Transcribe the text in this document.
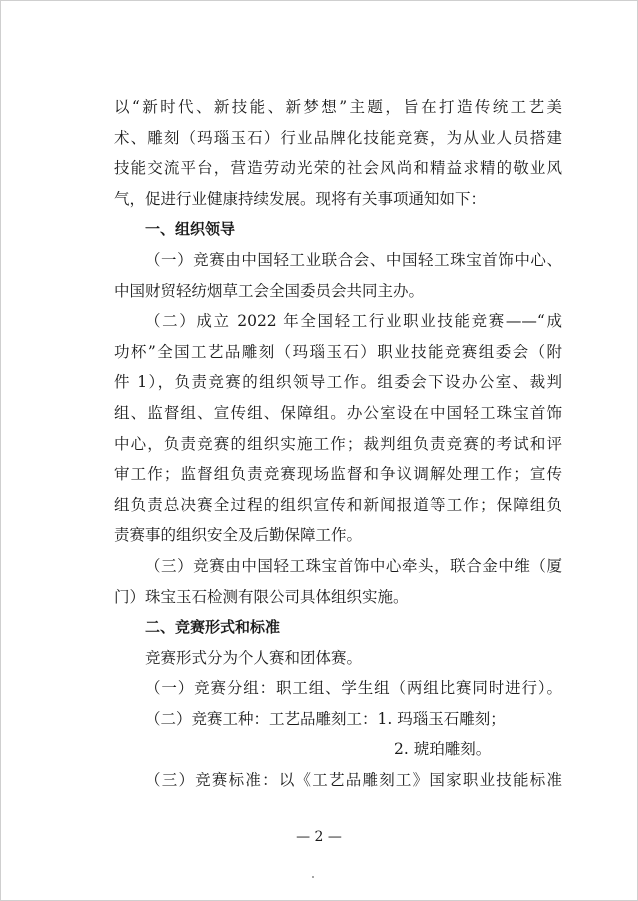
以“新时代、新技能、新梦想”主题，旨在打造传统工艺美
术、雕刻（玛瑙玉石）行业品牌化技能竞赛，为从业人员搭建
技能交流平台，营造劳动光荣的社会风尚和精益求精的敬业风
气，促进行业健康持续发展。现将有关事项通知如下：
一、组织领导
（一）竞赛由中国轻工业联合会、中国轻工珠宝首饰中心、
中国财贸轻纺烟草工会全国委员会共同主办。
（二）成立 2022 年全国轻工行业职业技能竞赛——“成
功杯”全国工艺品雕刻（玛瑙玉石）职业技能竞赛组委会（附
件 1），负责竞赛的组织领导工作。组委会下设办公室、裁判
组、监督组、宣传组、保障组。办公室设在中国轻工珠宝首饰
中心，负责竞赛的组织实施工作；裁判组负责竞赛的考试和评
审工作；监督组负责竞赛现场监督和争议调解处理工作；宣传
组负责总决赛全过程的组织宣传和新闻报道等工作；保障组负
责赛事的组织安全及后勤保障工作。
（三）竞赛由中国轻工珠宝首饰中心牵头，联合金中维（厦
门）珠宝玉石检测有限公司具体组织实施。
二、竞赛形式和标准
竞赛形式分为个人赛和团体赛。
（一）竞赛分组：职工组、学生组（两组比赛同时进行）。
（二）竞赛工种：工艺品雕刻工：1. 玛瑙玉石雕刻；
2. 琥珀雕刻。
（三）竞赛标准：以《工艺品雕刻工》国家职业技能标准
— 2 —
